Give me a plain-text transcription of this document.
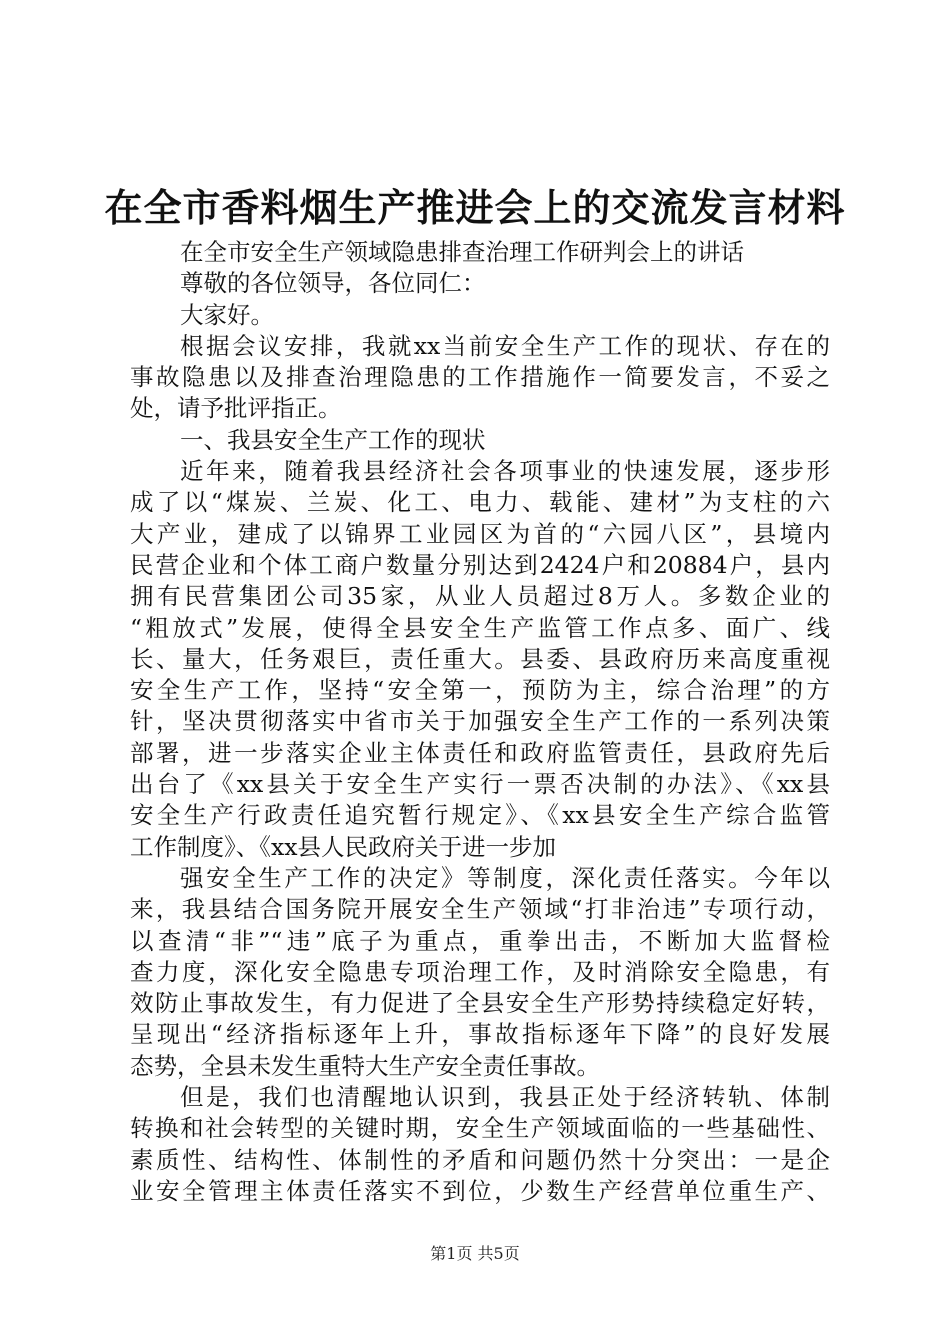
在全市香料烟生产推进会上的交流发言材料
在全市安全生产领域隐患排查治理工作研判会上的讲话
尊敬的各位领导，各位同仁：
大家好。
根据会议安排，我就xx当前安全生产工作的现状、存在的
事故隐患以及排查治理隐患的工作措施作一简要发言，不妥之
处，请予批评指正。
一、我县安全生产工作的现状
近年来，随着我县经济社会各项事业的快速发展，逐步形
成了以“煤炭、兰炭、化工、电力、载能、建材”为支柱的六
大产业，建成了以锦界工业园区为首的“六园八区”，县境内
民营企业和个体工商户数量分别达到2424户和20884户，县内
拥有民营集团公司35家，从业人员超过8万人。多数企业的
“粗放式”发展，使得全县安全生产监管工作点多、面广、线
长、量大，任务艰巨，责任重大。县委、县政府历来高度重视
安全生产工作，坚持“安全第一，预防为主，综合治理”的方
针，坚决贯彻落实中省市关于加强安全生产工作的一系列决策
部署，进一步落实企业主体责任和政府监管责任，县政府先后
出台了《xx县关于安全生产实行一票否决制的办法》、《xx县
安全生产行政责任追究暂行规定》、《xx县安全生产综合监管
工作制度》、《xx县人民政府关于进一步加
强安全生产工作的决定》等制度，深化责任落实。今年以
来，我县结合国务院开展安全生产领域“打非治违”专项行动，
以查清“非”“违”底子为重点，重拳出击，不断加大监督检
查力度，深化安全隐患专项治理工作，及时消除安全隐患，有
效防止事故发生，有力促进了全县安全生产形势持续稳定好转，
呈现出“经济指标逐年上升，事故指标逐年下降”的良好发展
态势，全县未发生重特大生产安全责任事故。
但是，我们也清醒地认识到，我县正处于经济转轨、体制
转换和社会转型的关键时期，安全生产领域面临的一些基础性、
素质性、结构性、体制性的矛盾和问题仍然十分突出：一是企
业安全管理主体责任落实不到位，少数生产经营单位重生产、
第1页 共5页
